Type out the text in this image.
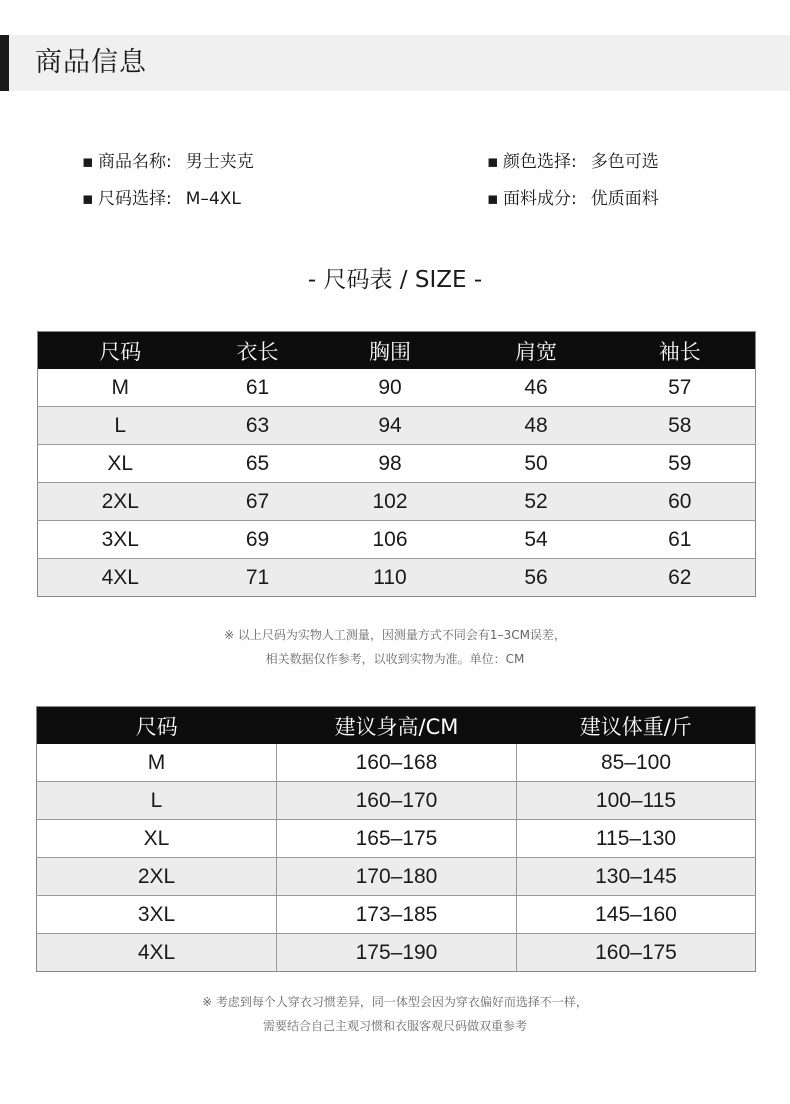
商品信息
▪ 商品名称: 男士夹克
▪ 尺码选择: M–4XL
▪ 颜色选择: 多色可选
▪ 面料成分: 优质面料
- 尺码表 / SIZE -
尺码	衣长	胸围	肩宽	袖长
M	61	90	46	57
L	63	94	48	58
XL	65	98	50	59
2XL	67	102	52	60
3XL	69	106	54	61
4XL	71	110	56	62
※ 以上尺码为实物人工测量，因测量方式不同会有1–3CM误差，
相关数据仅作参考，以收到实物为准。单位：CM
尺码	建议身高/CM	建议体重/斤
M	160–168	85–100
L	160–170	100–115
XL	165–175	115–130
2XL	170–180	130–145
3XL	173–185	145–160
4XL	175–190	160–175
※ 考虑到每个人穿衣习惯差异，同一体型会因为穿衣偏好而选择不一样，
需要结合自己主观习惯和衣服客观尺码做双重参考
